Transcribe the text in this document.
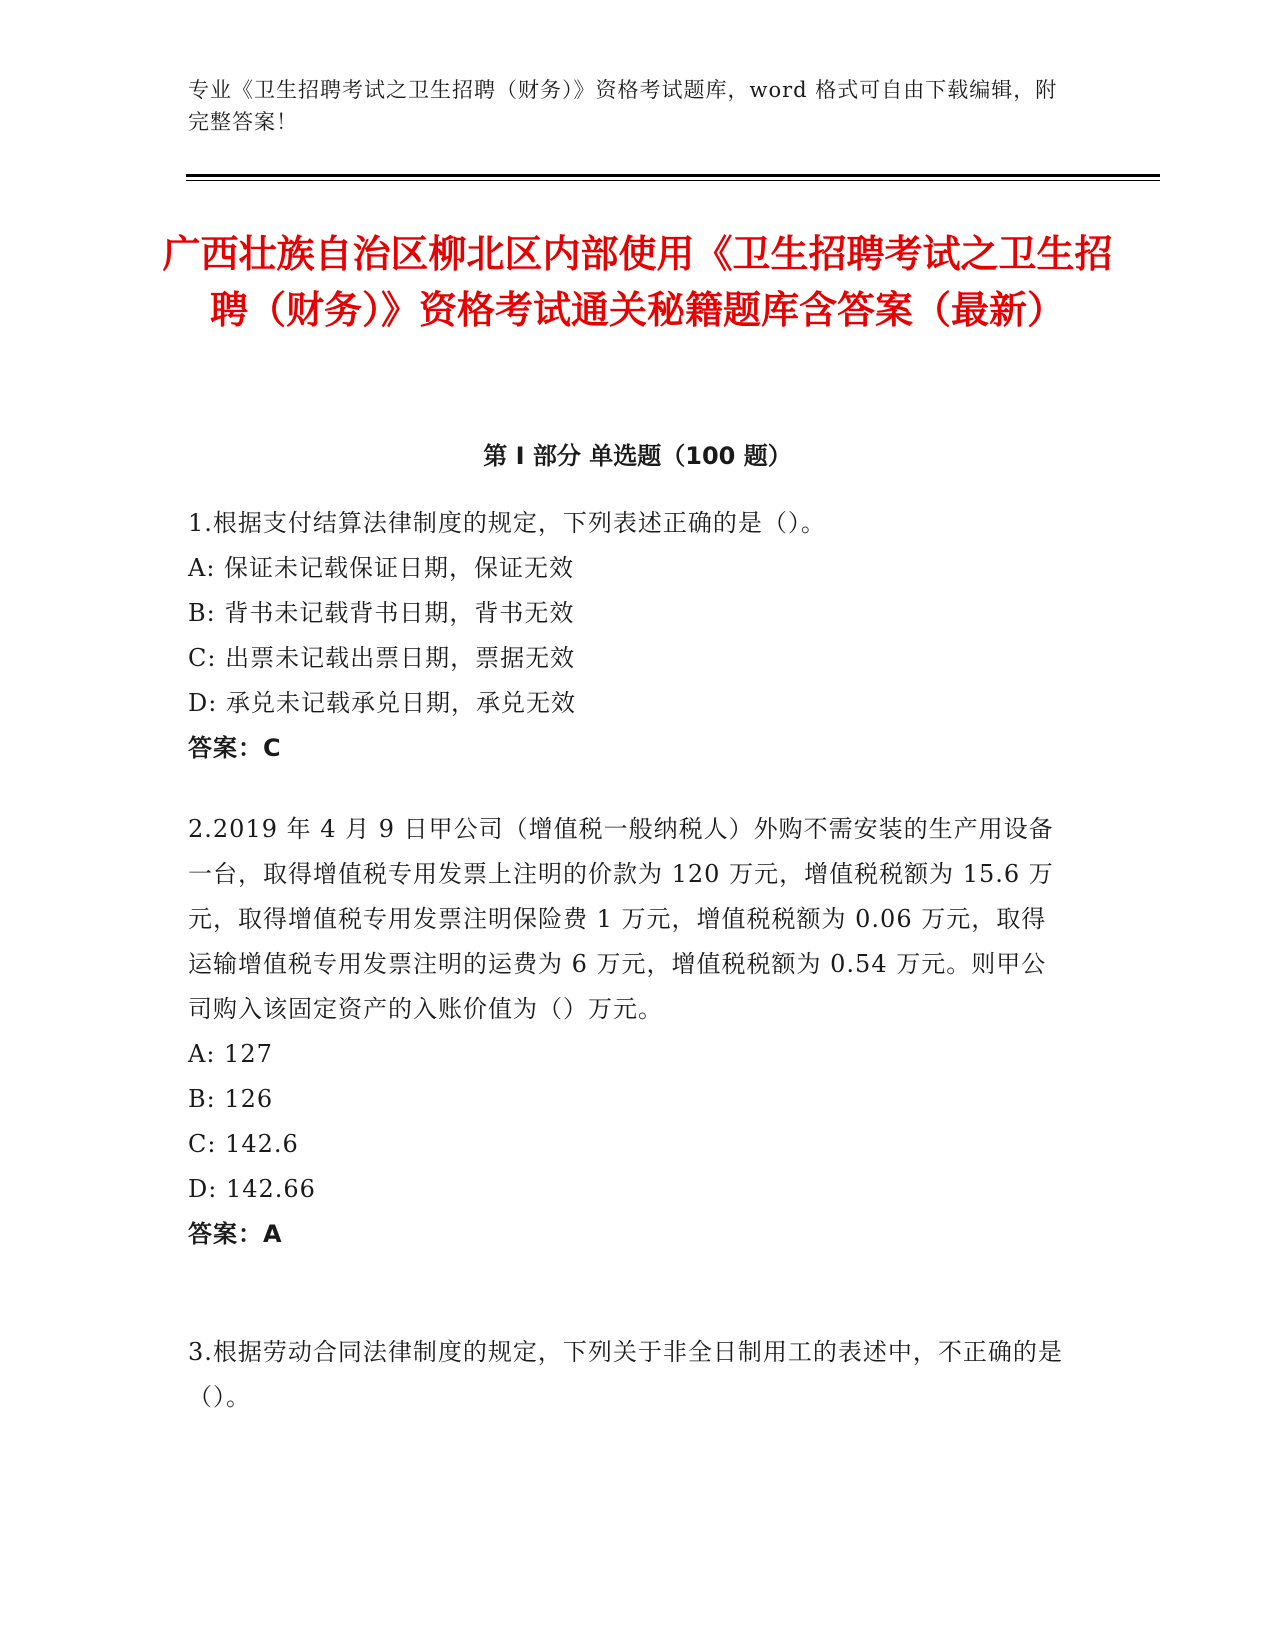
专业《卫生招聘考试之卫生招聘（财务）》资格考试题库，word 格式可自由下载编辑，附完整答案！
广西壮族自治区柳北区内部使用《卫生招聘考试之卫生招聘（财务）》资格考试通关秘籍题库含答案（最新）
第 I 部分 单选题（100 题）
1.根据支付结算法律制度的规定，下列表述正确的是（）。
A: 保证未记载保证日期，保证无效
B: 背书未记载背书日期，背书无效
C: 出票未记载出票日期，票据无效
D: 承兑未记载承兑日期，承兑无效
答案：C
2.2019 年 4 月 9 日甲公司（增值税一般纳税人）外购不需安装的生产用设备一台，取得增值税专用发票上注明的价款为 120 万元，增值税税额为 15.6 万元，取得增值税专用发票注明保险费 1 万元，增值税税额为 0.06 万元，取得运输增值税专用发票注明的运费为 6 万元，增值税税额为 0.54 万元。则甲公司购入该固定资产的入账价值为（）万元。
A: 127
B: 126
C: 142.6
D: 142.66
答案：A
3.根据劳动合同法律制度的规定，下列关于非全日制用工的表述中，不正确的是（）。
